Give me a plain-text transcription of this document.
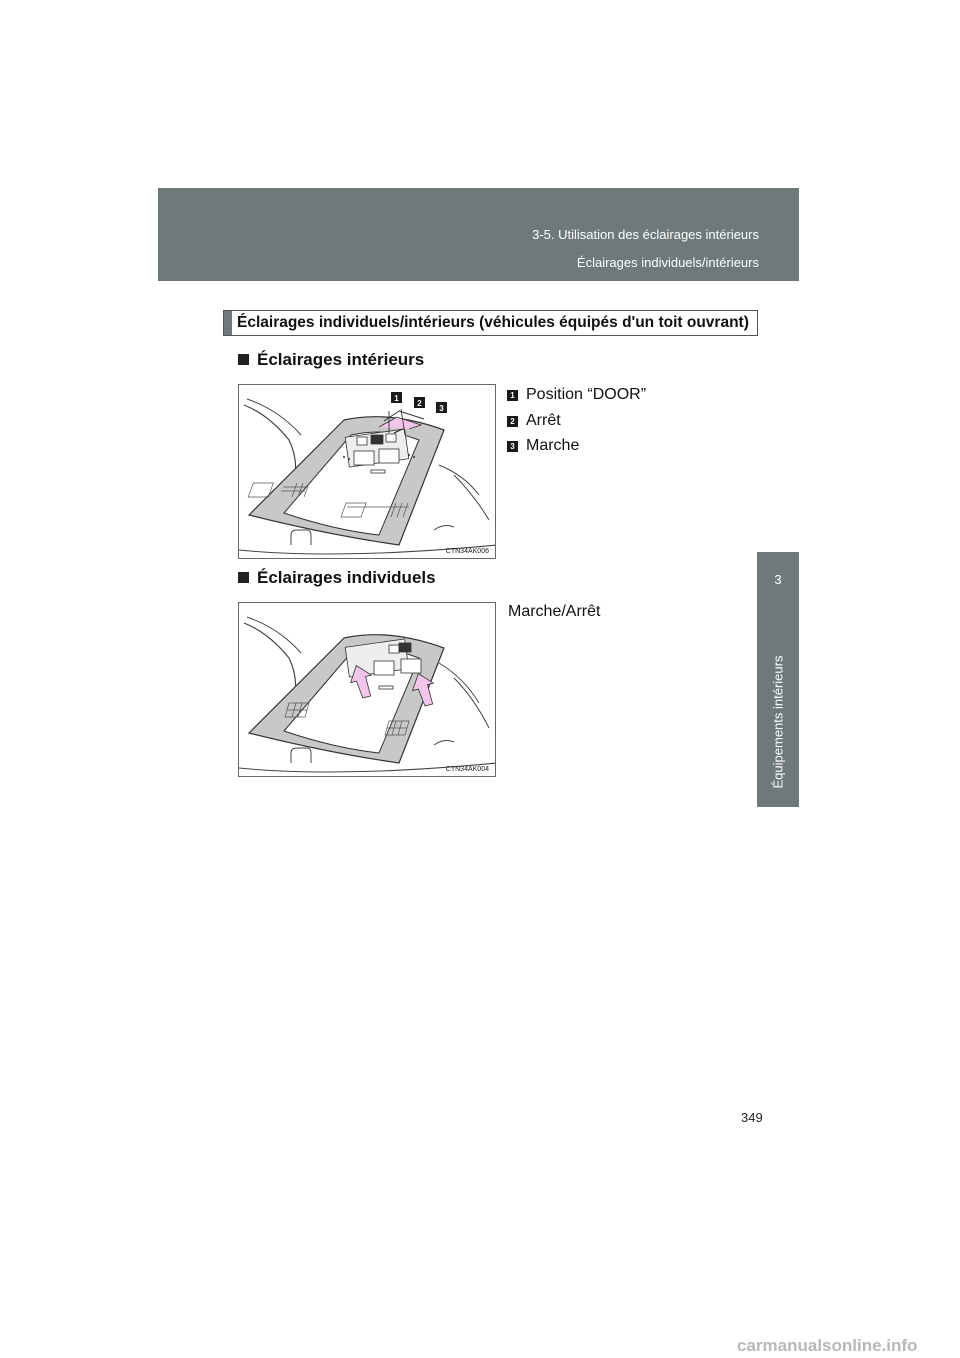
3-5. Utilisation des éclairages intérieurs
Éclairages individuels/intérieurs
3
Équipements intérieurs
Éclairages individuels/intérieurs (véhicules équipés d'un toit ouvrant)
Éclairages intérieurs
1
2
3
CTN34AK006
1 Position “DOOR”
2 Arrêt
3 Marche
Éclairages individuels
CTN34AK004
Marche/Arrêt
349
carmanualsonline.info
